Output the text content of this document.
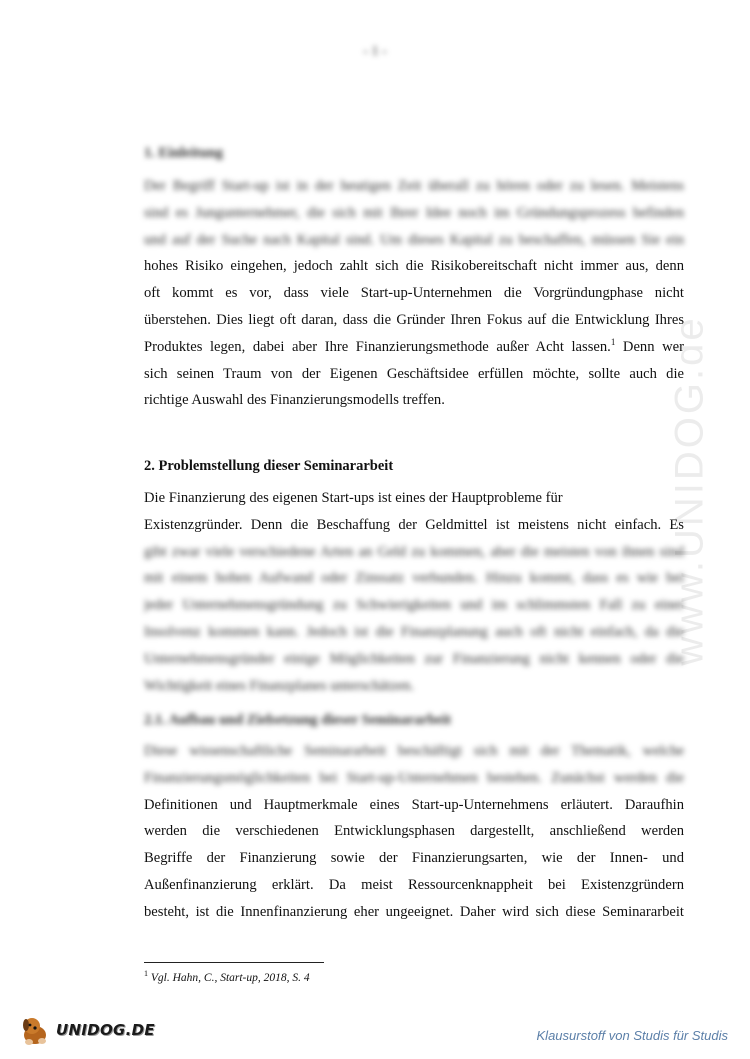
- 1 -
www.UNIDOG.de
1. Einleitung
Der Begriff Start-up ist in der heutigen Zeit überall zu hören oder zu lesen. Meistens
sind es Jungunternehmer, die sich mit Ihrer Idee noch im Gründungsprozess befinden
und auf der Suche nach Kapital sind. Um dieses Kapital zu beschaffen, müssen Sie ein
hohes Risiko eingehen, jedoch zahlt sich die Risikobereitschaft nicht immer aus, denn
oft kommt es vor, dass viele Start-up-Unternehmen die Vorgründungphase nicht
überstehen. Dies liegt oft daran, dass die Gründer Ihren Fokus auf die Entwicklung Ihres
Produktes legen, dabei aber Ihre Finanzierungsmethode außer Acht lassen.$^1$ Denn wer
sich seinen Traum von der Eigenen Geschäftsidee erfüllen möchte, sollte auch die
richtige Auswahl des Finanzierungsmodells treffen.
2. Problemstellung dieser Seminararbeit
Die Finanzierung des eigenen Start-ups ist eines der Hauptprobleme für
Existenzgründer. Denn die Beschaffung der Geldmittel ist meistens nicht einfach. Es
gibt zwar viele verschiedene Arten an Geld zu kommen, aber die meisten von ihnen sind
mit einem hohen Aufwand oder Zinssatz verbunden. Hinzu kommt, dass es wie bei
jeder Unternehmensgründung zu Schwierigkeiten und im schlimmsten Fall zu einer
Insolvenz kommen kann. Jedoch ist die Finanzplanung auch oft nicht einfach, da die
Unternehmensgründer einige Möglichkeiten zur Finanzierung nicht kennen oder die
Wichtigkeit eines Finanzplanes unterschätzen.
2.1. Aufbau und Zielsetzung dieser Seminararbeit
Diese wissenschaftliche Seminararbeit beschäftigt sich mit der Thematik, welche
Finanzierungsmöglichkeiten bei Start-up-Unternehmen bestehen. Zunächst werden die
Definitionen und Hauptmerkmale eines Start-up-Unternehmens erläutert. Daraufhin
werden die verschiedenen Entwicklungsphasen dargestellt, anschließend werden
Begriffe der Finanzierung sowie der Finanzierungsarten, wie der Innen- und
Außenfinanzierung erklärt. Da meist Ressourcenknappheit bei Existenzgründern
besteht, ist die Innenfinanzierung eher ungeeignet. Daher wird sich diese Seminararbeit
$^1$ Vgl. Hahn, C., Start-up, 2018, S. 4
UNIDOG.DE	Klausurstoff von Studis für Studis
